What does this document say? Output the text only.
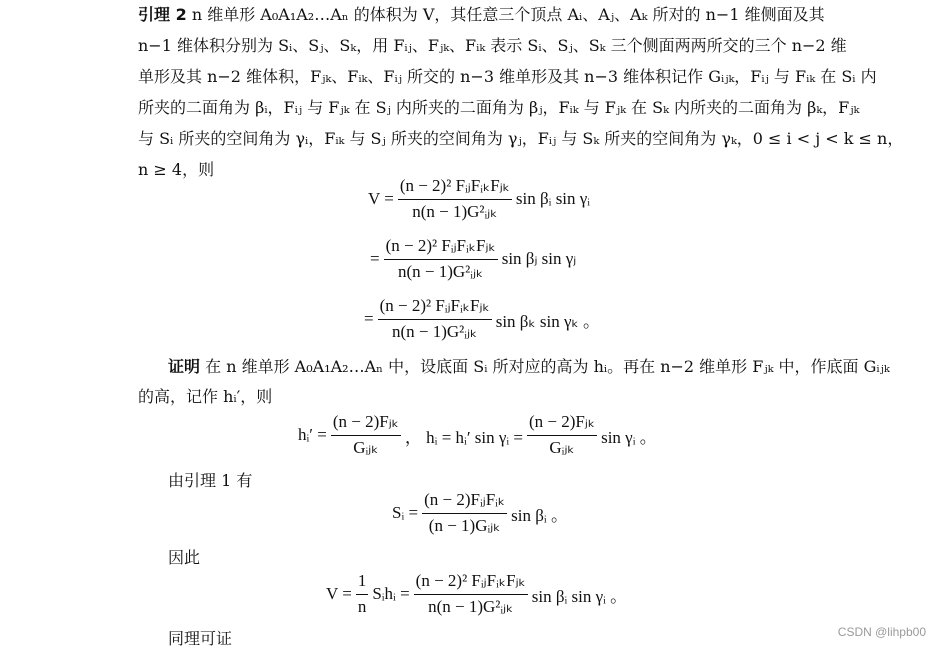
引理 2 n 维单形 A₀A₁A₂…Aₙ 的体积为 V，其任意三个顶点 Aᵢ、Aⱼ、Aₖ 所对的 n−1 维侧面及其
n−1 维体积分别为 Sᵢ、Sⱼ、Sₖ，用 Fᵢⱼ、Fⱼₖ、Fᵢₖ 表示 Sᵢ、Sⱼ、Sₖ 三个侧面两两所交的三个 n−2 维
单形及其 n−2 维体积，Fⱼₖ、Fᵢₖ、Fᵢⱼ 所交的 n−3 维单形及其 n−3 维体积记作 Gᵢⱼₖ，Fᵢⱼ 与 Fᵢₖ 在 Sᵢ 内
所夹的二面角为 βᵢ，Fᵢⱼ 与 Fⱼₖ 在 Sⱼ 内所夹的二面角为 βⱼ，Fᵢₖ 与 Fⱼₖ 在 Sₖ 内所夹的二面角为 βₖ，Fⱼₖ
与 Sᵢ 所夹的空间角为 γᵢ，Fᵢₖ 与 Sⱼ 所夹的空间角为 γⱼ，Fᵢⱼ 与 Sₖ 所夹的空间角为 γₖ，0 ≤ i < j < k ≤ n，
n ≥ 4，则
$V = \frac{\text{(n − 2)² FᵢⱼFᵢₖFⱼₖ}}{\text{n(n − 1)G²ᵢⱼₖ}}$ sin βᵢ sin γᵢ
= $\frac{\text{(n − 2)² FᵢⱼFᵢₖFⱼₖ}}{\text{n(n − 1)G²ᵢⱼₖ}}$ sin βⱼ sin γⱼ
= $\frac{\text{(n − 2)² FᵢⱼFᵢₖFⱼₖ}}{\text{n(n − 1)G²ᵢⱼₖ}}$ sin βₖ sin γₖ 。
证明 在 n 维单形 A₀A₁A₂…Aₙ 中，设底面 Sᵢ 所对应的高为 hᵢ。再在 n−2 维单形 Fⱼₖ 中，作底面 Gᵢⱼₖ
的高，记作 hᵢ′，则
hᵢ′ = $\frac{\text{(n − 2)Fⱼₖ}}{\text{Gᵢⱼₖ}}$ ， hᵢ = hᵢ′ sin γᵢ = $\frac{\text{(n − 2)Fⱼₖ}}{\text{Gᵢⱼₖ}}$ sin γᵢ 。
由引理 1 有
Sᵢ = $\frac{\text{(n − 2)FᵢⱼFᵢₖ}}{\text{(n − 1)Gᵢⱼₖ}}$ sin βᵢ 。
因此
$V = \frac{1}{n}$ Sᵢhᵢ = $\frac{\text{(n − 2)² FᵢⱼFᵢₖFⱼₖ}}{\text{n(n − 1)G²ᵢⱼₖ}}$ sin βᵢ sin γᵢ 。
同理可证	CSDN @lihpb00
